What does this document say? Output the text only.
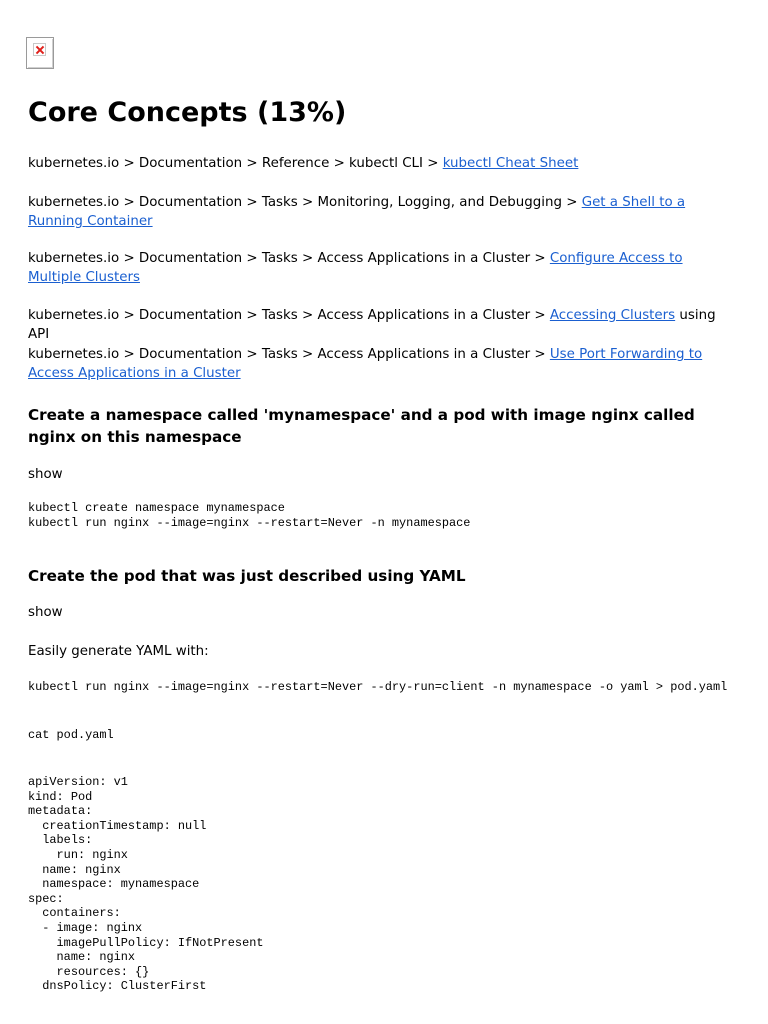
Core Concepts (13%)
kubernetes.io > Documentation > Reference > kubectl CLI > kubectl Cheat Sheet
kubernetes.io > Documentation > Tasks > Monitoring, Logging, and Debugging > Get a Shell to a Running Container
kubernetes.io > Documentation > Tasks > Access Applications in a Cluster > Configure Access to Multiple Clusters
kubernetes.io > Documentation > Tasks > Access Applications in a Cluster > Accessing Clusters using API
kubernetes.io > Documentation > Tasks > Access Applications in a Cluster > Use Port Forwarding to Access Applications in a Cluster
Create a namespace called 'mynamespace' and a pod with image nginx called nginx on this namespace
show
kubectl create namespace mynamespace
kubectl run nginx --image=nginx --restart=Never -n mynamespace
Create the pod that was just described using YAML
show
Easily generate YAML with:
kubectl run nginx --image=nginx --restart=Never --dry-run=client -n mynamespace -o yaml > pod.yaml
cat pod.yaml
apiVersion: v1
kind: Pod
metadata:
creationTimestamp: null
labels:
run: nginx
name: nginx
namespace: mynamespace
spec:
containers:
- image: nginx
imagePullPolicy: IfNotPresent
name: nginx
resources: {}
dnsPolicy: ClusterFirst
